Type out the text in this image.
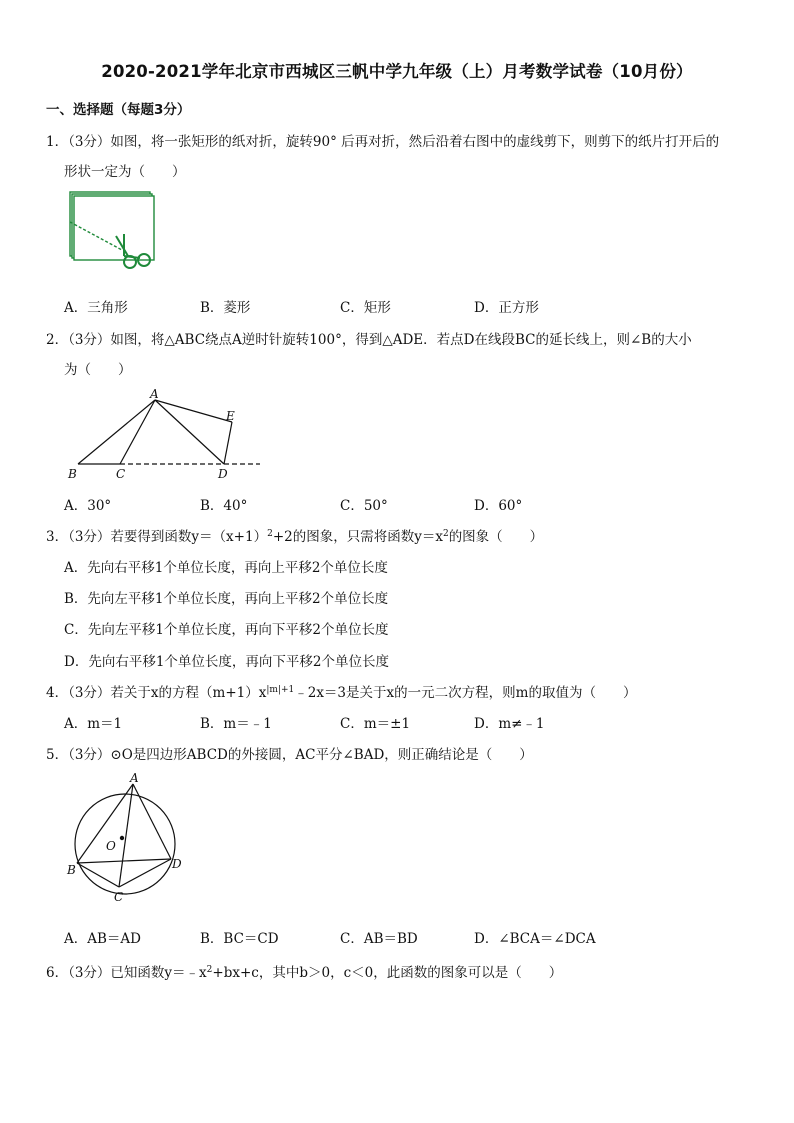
2020-2021学年北京市西城区三帆中学九年级（上）月考数学试卷（10月份）
一、选择题（每题3分）
1．（3分）如图，将一张矩形的纸对折，旋转90° 后再对折，然后沿着右图中的虚线剪下，则剪下的纸片打开后的
形状一定为（　　）
A．三角形	B．菱形	C．矩形	D．正方形
2．（3分）如图，将△ABC绕点A逆时针旋转100°，得到△ADE．若点D在线段BC的延长线上，则∠B的大小
为（　　）
A
B	C	D
E
A．30°	B．40°	C．50°	D．60°
3．（3分）若要得到函数$y=(x+1)^2+2$的图象，只需将函数$y=x^2$的图象（　　）
A．先向右平移1个单位长度，再向上平移2个单位长度
B．先向左平移1个单位长度，再向上平移2个单位长度
C．先向左平移1个单位长度，再向下平移2个单位长度
D．先向右平移1个单位长度，再向下平移2个单位长度
4．（3分）若关于x的方程$(m+1)x^{|m|+1}﹣2x=3$是关于x的一元二次方程，则m的取值为（　　）
A．m＝1	B．m＝﹣1	C．m＝±1	D．m≠﹣1
5．（3分）⊙O是四边形ABCD的外接圆，AC平分∠BAD，则正确结论是（　　）
A
O
B
C
D
A．AB＝AD	B．BC＝CD	C．AB＝BD	D．∠BCA＝∠DCA
6．（3分）已知函数$y=﹣x^2+bx+c$，其中b＞0，c＜0，此函数的图象可以是（　　）
